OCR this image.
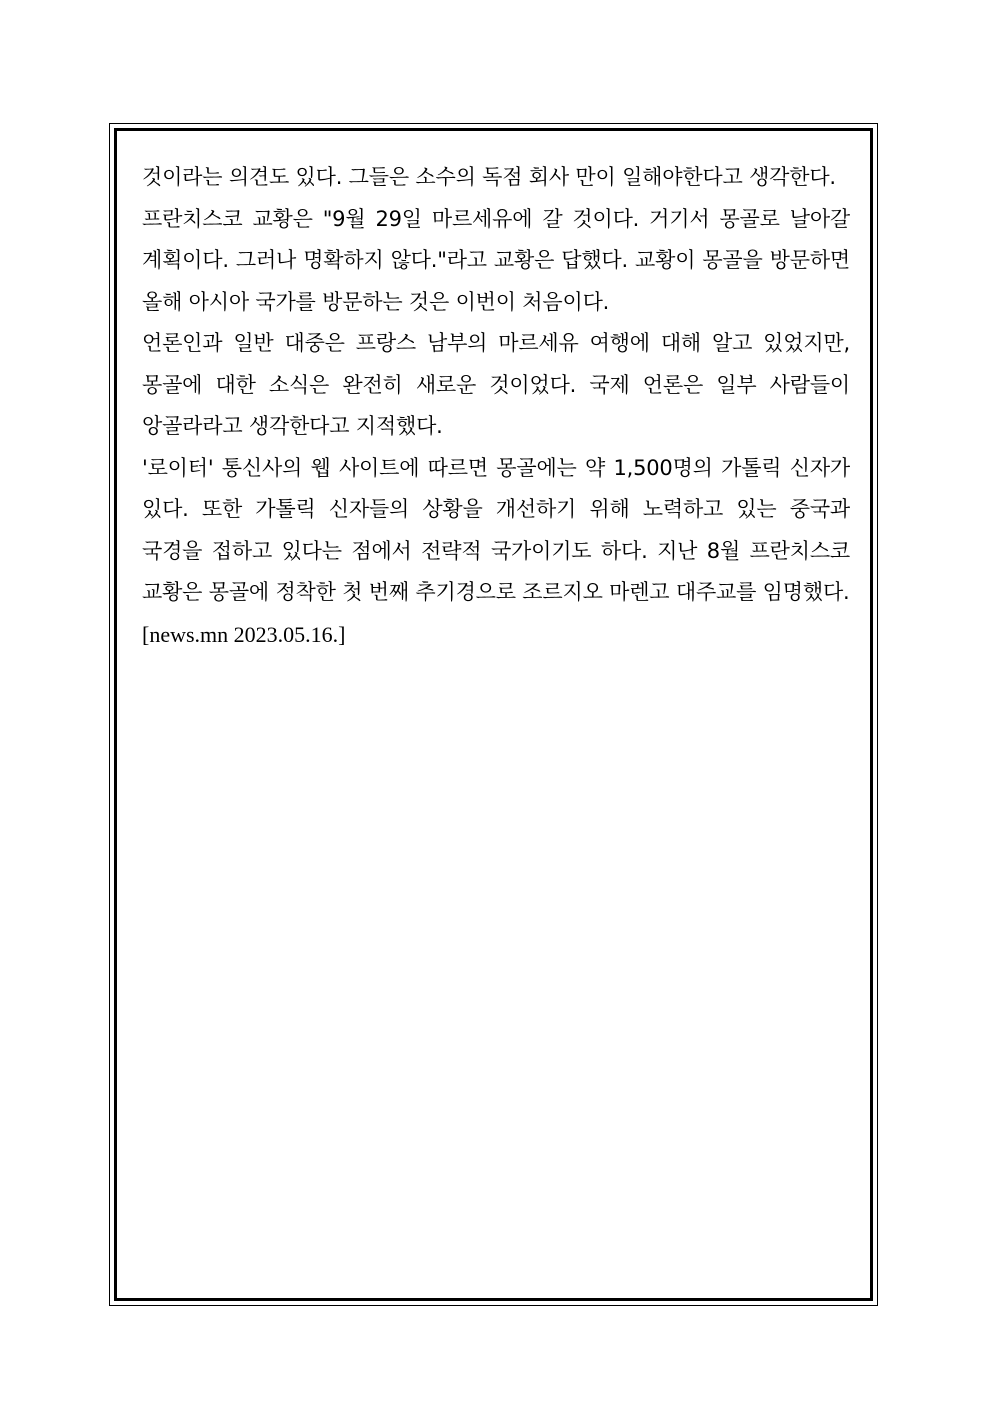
것이라는 의견도 있다. 그들은 소수의 독점 회사 만이 일해야한다고 생각한다.

프란치스코 교황은 "9월 29일 마르세유에 갈 것이다. 거기서 몽골로 날아갈 계획이다. 그러나 명확하지 않다."라고 교황은 답했다. 교황이 몽골을 방문하면 올해 아시아 국가를 방문하는 것은 이번이 처음이다.

언론인과 일반 대중은 프랑스 남부의 마르세유 여행에 대해 알고 있었지만, 몽골에 대한 소식은 완전히 새로운 것이었다. 국제 언론은 일부 사람들이 앙골라라고 생각한다고 지적했다.

'로이터' 통신사의 웹 사이트에 따르면 몽골에는 약 1,500명의 가톨릭 신자가 있다. 또한 가톨릭 신자들의 상황을 개선하기 위해 노력하고 있는 중국과 국경을 접하고 있다는 점에서 전략적 국가이기도 하다. 지난 8월 프란치스코 교황은 몽골에 정착한 첫 번째 추기경으로 조르지오 마렌고 대주교를 임명했다.

[news.mn 2023.05.16.]
